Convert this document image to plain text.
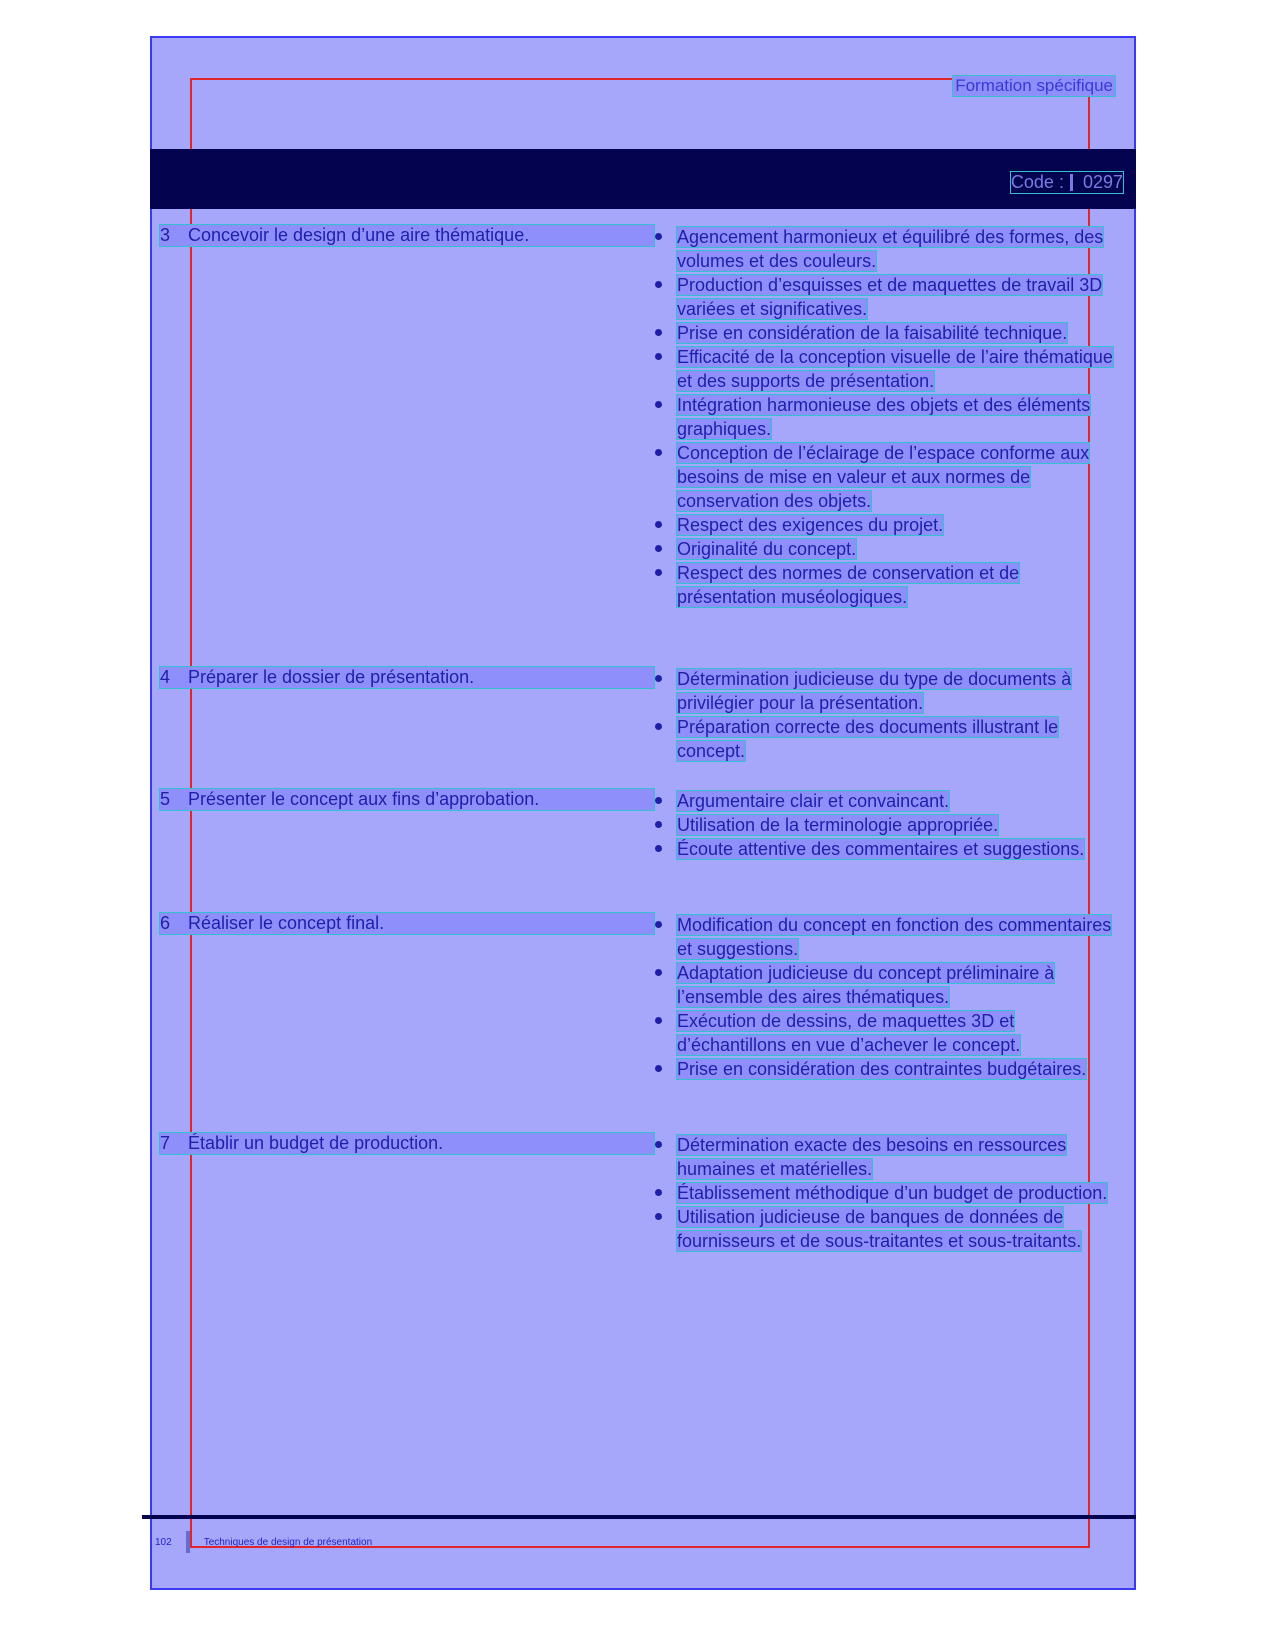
Formation spécifique
Code : 0297
3 Concevoir le design d’une aire thématique.	Agencement harmonieux et équilibré des formes, des volumes et des couleurs.
Production d’esquisses et de maquettes de travail 3D variées et significatives.
Prise en considération de la faisabilité technique.
Efficacité de la conception visuelle de l’aire thématique et des supports de présentation.
Intégration harmonieuse des objets et des éléments graphiques.
Conception de l’éclairage de l’espace conforme aux besoins de mise en valeur et aux normes de conservation des objets.
Respect des exigences du projet.
Originalité du concept.
Respect des normes de conservation et de présentation muséologiques.
4 Préparer le dossier de présentation.	Détermination judicieuse du type de documents à privilégier pour la présentation.
Préparation correcte des documents illustrant le concept.
5 Présenter le concept aux fins d’approbation.	Argumentaire clair et convaincant.
Utilisation de la terminologie appropriée.
Écoute attentive des commentaires et suggestions.
6 Réaliser le concept final.	Modification du concept en fonction des commentaires et suggestions.
Adaptation judicieuse du concept préliminaire à l’ensemble des aires thématiques.
Exécution de dessins, de maquettes 3D et d’échantillons en vue d’achever le concept.
Prise en considération des contraintes budgétaires.
7 Établir un budget de production.	Détermination exacte des besoins en ressources humaines et matérielles.
Établissement méthodique d’un budget de production.
Utilisation judicieuse de banques de données de fournisseurs et de sous-traitantes et sous-traitants.
102	Techniques de design de présentation
